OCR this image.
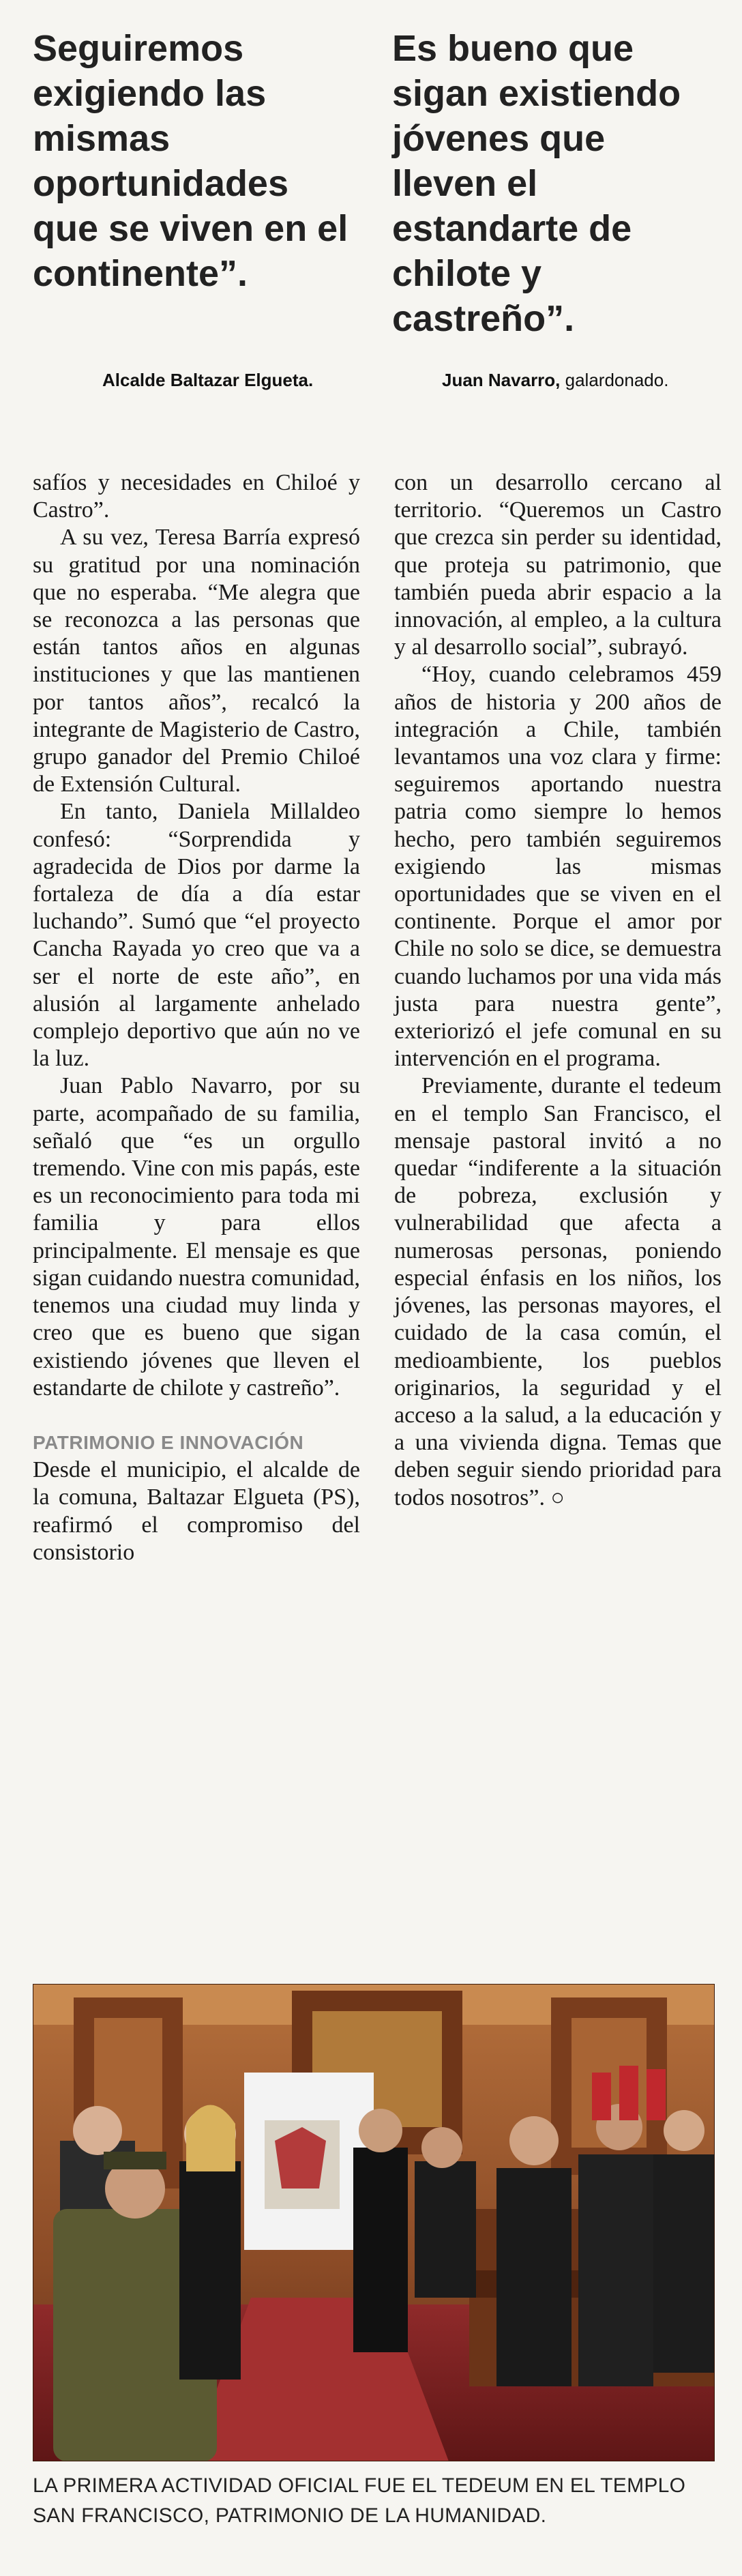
Seguiremos exigiendo las mismas oportunidades que se viven en el continente”.

Es bueno que sigan existiendo jóvenes que lleven el estandarte de chilote y castreño”.

Alcalde Baltazar Elgueta.	Juan Navarro, galardonado.

safíos y necesidades en Chiloé y Castro”.

A su vez, Teresa Barría expresó su gratitud por una nominación que no esperaba. “Me alegra que se reconozca a las personas que están tantos años en algunas instituciones y que las mantienen por tantos años”, recalcó la integrante de Magisterio de Castro, grupo ganador del Premio Chiloé de Extensión Cultural.

En tanto, Daniela Millaldeo confesó: “Sorprendida y agradecida de Dios por darme la fortaleza de día a día estar luchando”. Sumó que “el proyecto Cancha Rayada yo creo que va a ser el norte de este año”, en alusión al largamente anhelado complejo deportivo que aún no ve la luz.

Juan Pablo Navarro, por su parte, acompañado de su familia, señaló que “es un orgullo tremendo. Vine con mis papás, este es un reconocimiento para toda mi familia y para ellos principalmente. El mensaje es que sigan cuidando nuestra comunidad, tenemos una ciudad muy linda y creo que es bueno que sigan existiendo jóvenes que lleven el estandarte de chilote y castreño”.

PATRIMONIO E INNOVACIÓN

Desde el municipio, el alcalde de la comuna, Baltazar Elgueta (PS), reafirmó el compromiso del consistorio

con un desarrollo cercano al territorio. “Queremos un Castro que crezca sin perder su identidad, que proteja su patrimonio, que también pueda abrir espacio a la innovación, al empleo, a la cultura y al desarrollo social”, subrayó.

“Hoy, cuando celebramos 459 años de historia y 200 años de integración a Chile, también levantamos una voz clara y firme: seguiremos aportando nuestra patria como siempre lo hemos hecho, pero también seguiremos exigiendo las mismas oportunidades que se viven en el continente. Porque el amor por Chile no solo se dice, se demuestra cuando luchamos por una vida más justa para nuestra gente”, exteriorizó el jefe comunal en su intervención en el programa.

Previamente, durante el tedeum en el templo San Francisco, el mensaje pastoral invitó a no quedar “indiferente a la situación de pobreza, exclusión y vulnerabilidad que afecta a numerosas personas, poniendo especial énfasis en los niños, los jóvenes, las personas mayores, el cuidado de la casa común, el medioambiente, los pueblos originarios, la seguridad y el acceso a la salud, a la educación y a una vivienda digna. Temas que deben seguir siendo prioridad para todos nosotros”. ○

LA PRIMERA ACTIVIDAD OFICIAL FUE EL TEDEUM EN EL TEMPLO SAN FRANCISCO, PATRIMONIO DE LA HUMANIDAD.
